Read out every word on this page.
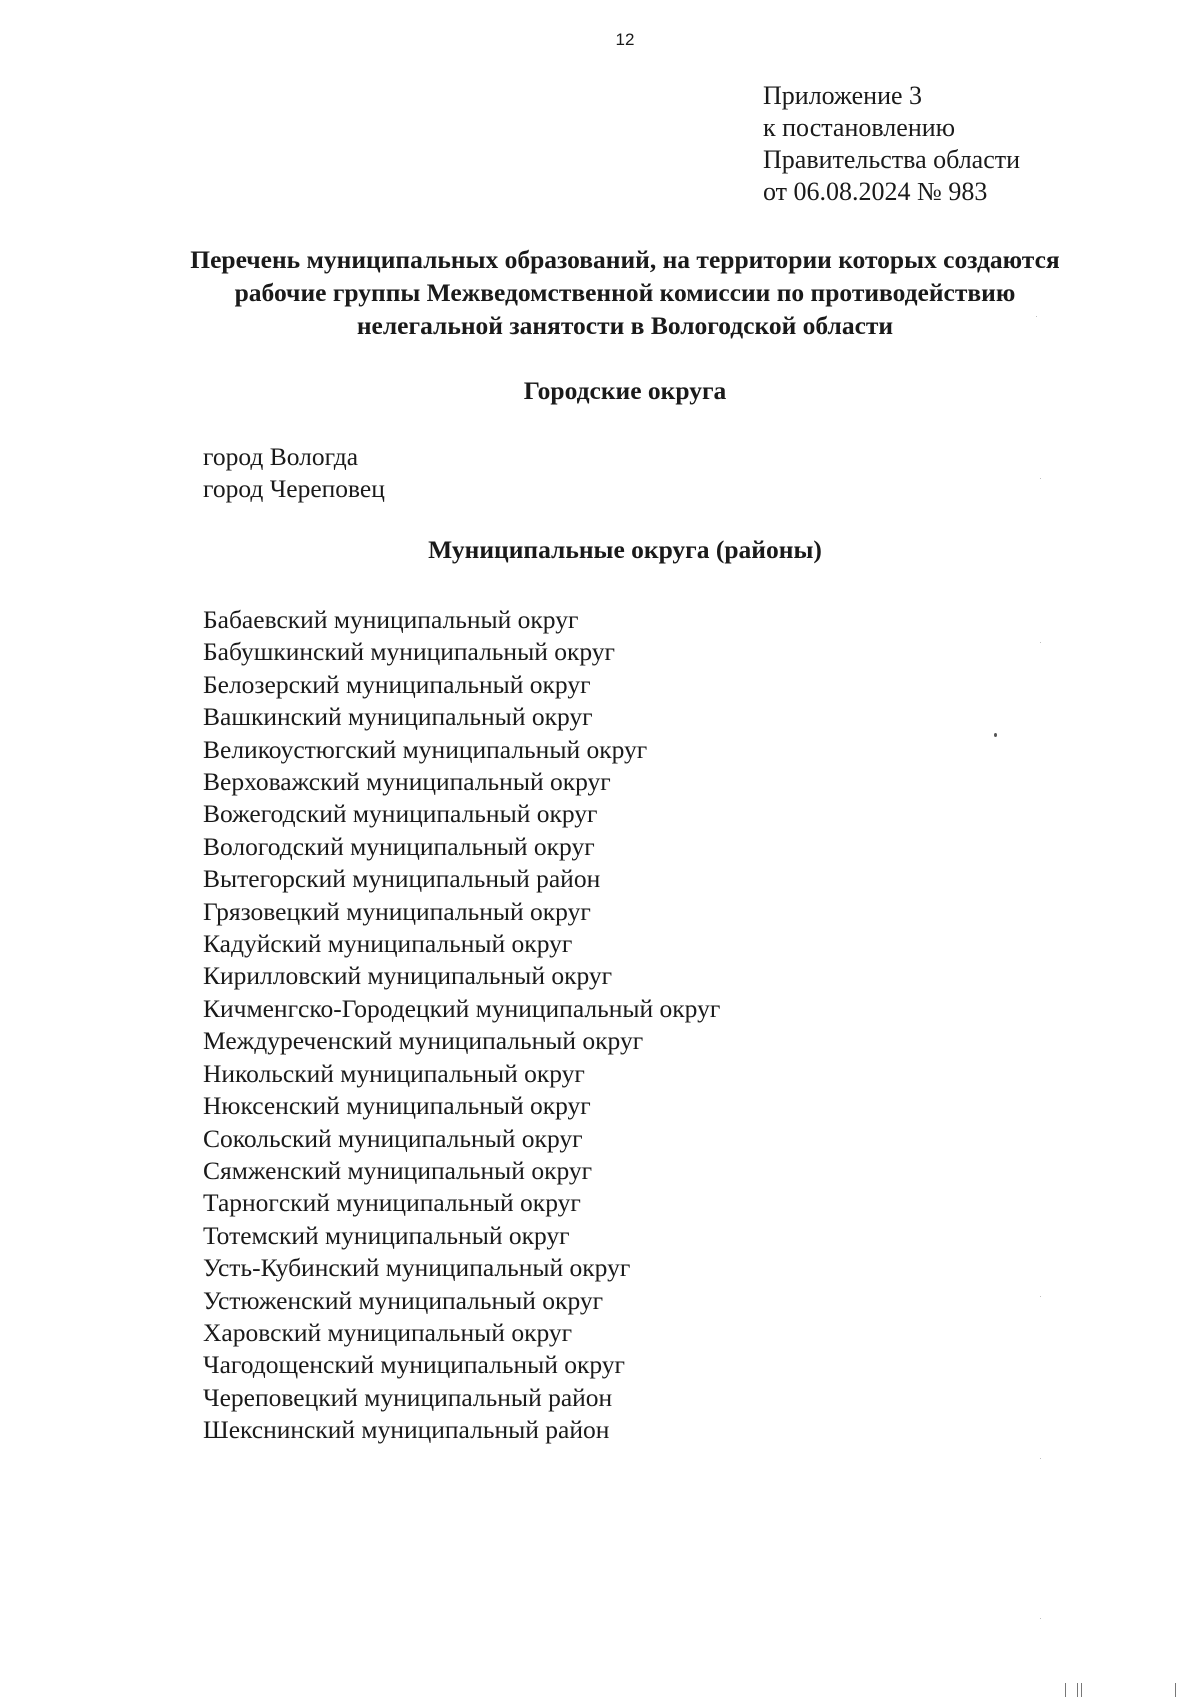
12
Приложение 3
к постановлению
Правительства области
от 06.08.2024 № 983
Перечень муниципальных образований, на территории которых создаются
рабочие группы Межведомственной комиссии по противодействию
нелегальной занятости в Вологодской области
Городские округа
город Вологда
город Череповец
Муниципальные округа (районы)
Бабаевский муниципальный округ
Бабушкинский муниципальный округ
Белозерский муниципальный округ
Вашкинский муниципальный округ
Великоустюгский муниципальный округ
Верховажский муниципальный округ
Вожегодский муниципальный округ
Вологодский муниципальный округ
Вытегорский муниципальный район
Грязовецкий муниципальный округ
Кадуйский муниципальный округ
Кирилловский муниципальный округ
Кичменгско-Городецкий муниципальный округ
Междуреченский муниципальный округ
Никольский муниципальный округ
Нюксенский муниципальный округ
Сокольский муниципальный округ
Сямженский муниципальный округ
Тарногский муниципальный округ
Тотемский муниципальный округ
Усть-Кубинский муниципальный округ
Устюженский муниципальный округ
Харовский муниципальный округ
Чагодощенский муниципальный округ
Череповецкий муниципальный район
Шекснинский муниципальный район
